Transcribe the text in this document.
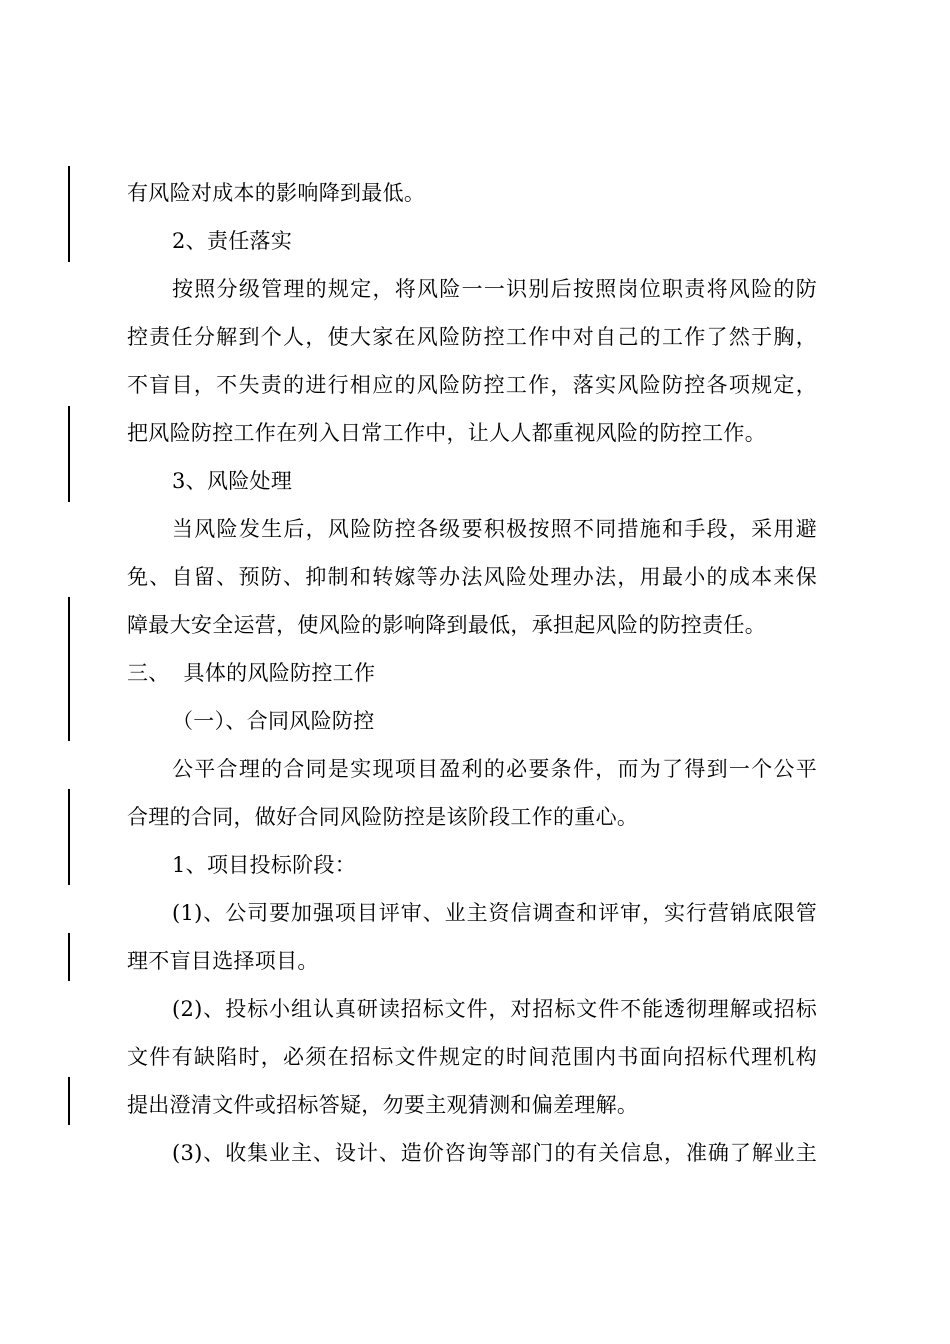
有风险对成本的影响降到最低。
2、责任落实
按照分级管理的规定，将风险一一识别后按照岗位职责将风险的防
控责任分解到个人，使大家在风险防控工作中对自己的工作了然于胸，
不盲目，不失责的进行相应的风险防控工作，落实风险防控各项规定，
把风险防控工作在列入日常工作中，让人人都重视风险的防控工作。
3、风险处理
当风险发生后，风险防控各级要积极按照不同措施和手段，采用避
免、自留、预防、抑制和转嫁等办法风险处理办法，用最小的成本来保
障最大安全运营，使风险的影响降到最低，承担起风险的防控责任。
三、  具体的风险防控工作
（一）、合同风险防控
公平合理的合同是实现项目盈利的必要条件，而为了得到一个公平
合理的合同，做好合同风险防控是该阶段工作的重心。
1、项目投标阶段：
(1)、公司要加强项目评审、业主资信调查和评审，实行营销底限管
理不盲目选择项目。
(2)、投标小组认真研读招标文件，对招标文件不能透彻理解或招标
文件有缺陷时，必须在招标文件规定的时间范围内书面向招标代理机构
提出澄清文件或招标答疑，勿要主观猜测和偏差理解。
(3)、收集业主、设计、造价咨询等部门的有关信息，准确了解业主
